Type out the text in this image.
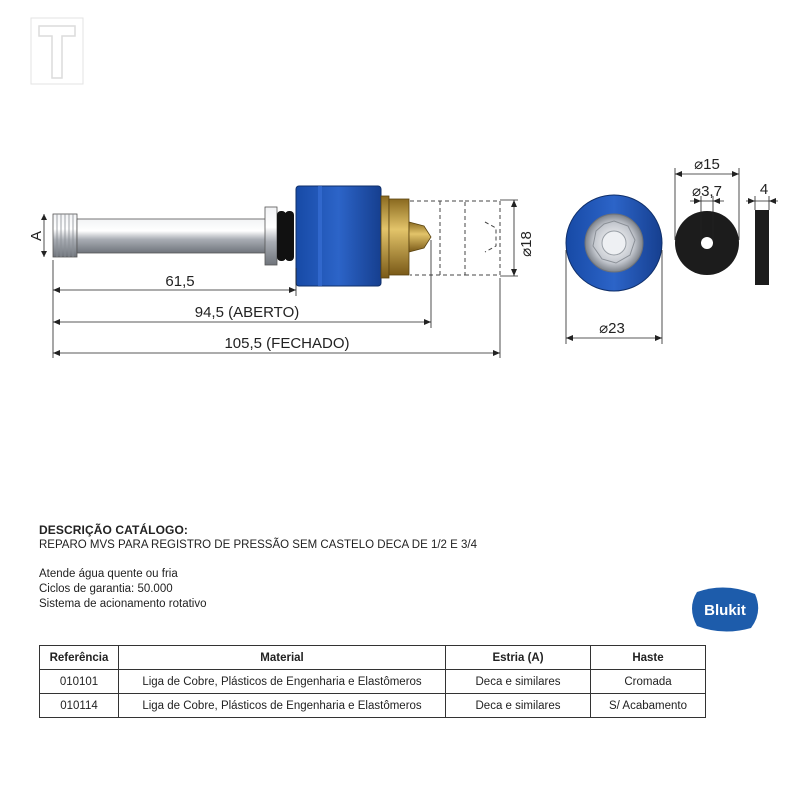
A
61,5
94,5 (ABERTO)
105,5 (FECHADO)
⌀18
⌀23
⌀15
⌀3,7	4
DESCRIÇÃO CATÁLOGO:
REPARO MVS PARA REGISTRO DE PRESSÃO SEM CASTELO DECA DE 1/2 E 3/4
Atende água quente ou fria
Ciclos de garantia: 50.000
Sistema de acionamento rotativo	Blukit
Referência	Material	Estria (A)	Haste
010101	Liga de Cobre, Plásticos de Engenharia e Elastômeros	Deca e similares	Cromada
010114	Liga de Cobre, Plásticos de Engenharia e Elastômeros	Deca e similares	S/ Acabamento
